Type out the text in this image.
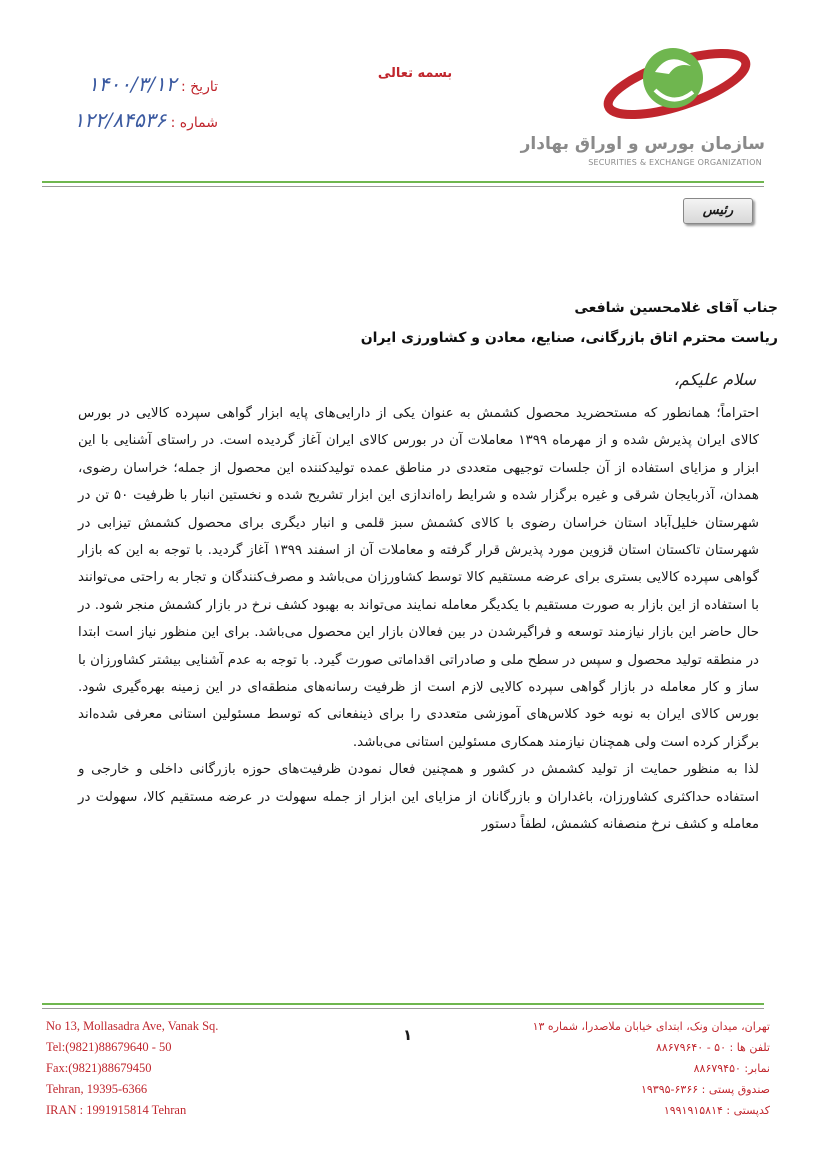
سازمان بورس و اوراق بهادار
SECURITIES & EXCHANGE ORGANIZATION
بسمه تعالی
تاریخ : ۱۴۰۰/۳/۱۲
شماره : ۱۲۲/۸۴۵۳۶
رئیس
جناب آقای غلامحسین شافعی
ریاست محترم اتاق بازرگانی، صنایع، معادن و کشاورزی ایران
سلام علیکم،

احتراماً؛ همانطور که مستحضرید محصول کشمش به عنوان یکی از دارایی‌های پایه ابزار گواهی سپرده کالایی در بورس کالای ایران پذیرش شده و از مهرماه ۱۳۹۹ معاملات آن در بورس کالای ایران آغاز گردیده است. در راستای آشنایی با این ابزار و مزایای استفاده از آن جلسات توجیهی متعددی در مناطق عمده تولیدکننده این محصول از جمله؛ خراسان رضوی، همدان، آذربایجان شرقی و غیره برگزار شده و شرایط راه‌اندازی این ابزار تشریح شده و نخستین انبار با ظرفیت ۵۰ تن در شهرستان خلیل‌آباد استان خراسان رضوی با کالای کشمش سبز قلمی و انبار دیگری برای محصول کشمش تیزابی در شهرستان تاکستان استان قزوین مورد پذیرش قرار گرفته و معاملات آن از اسفند ۱۳۹۹ آغاز گردید. با توجه به این که بازار گواهی سپرده کالایی بستری برای عرضه مستقیم کالا توسط کشاورزان می‌باشد و مصرف‌کنندگان و تجار به راحتی می‌توانند با استفاده از این بازار به صورت مستقیم با یکدیگر معامله نمایند می‌تواند به بهبود کشف نرخ در بازار کشمش منجر شود. در حال حاضر این بازار نیازمند توسعه و فراگیرشدن در بین فعالان بازار این محصول می‌باشد. برای این منظور نیاز است ابتدا در منطقه تولید محصول و سپس در سطح ملی و صادراتی اقداماتی صورت گیرد. با توجه به عدم آشنایی بیشتر کشاورزان با ساز و کار معامله در بازار گواهی سپرده کالایی لازم است از ظرفیت رسانه‌های منطقه‌ای در این زمینه بهره‌گیری شود. بورس کالای ایران به نوبه خود کلاس‌های آموزشی متعددی را برای ذینفعانی که توسط مسئولین استانی معرفی شده‌اند برگزار کرده است ولی همچنان نیازمند همکاری مسئولین استانی می‌باشد.

لذا به منظور حمایت از تولید کشمش در کشور و همچنین فعال نمودن ظرفیت‌های حوزه بازرگانی داخلی و خارجی و استفاده حداکثری کشاورزان، باغداران و بازرگانان از مزایای این ابزار از جمله سهولت در عرضه مستقیم کالا، سهولت در معامله و کشف نرخ منصفانه کشمش، لطفاً دستور

No 13, Mollasadra Ave, Vanak Sq.
Tel:(9821)88679640 - 50
Fax:(9821)88679450
Tehran, 19395-6366
IRAN : 1991915814 Tehran
۱	تهران، میدان ونک، ابتدای خیابان ملاصدرا، شماره ۱۳
تلفن ها : ۵۰ - ۸۸۶۷۹۶۴۰
نمابر: ۸۸۶۷۹۴۵۰
صندوق پستی : ۶۳۶۶-۱۹۳۹۵
کدپستی : ۱۹۹۱۹۱۵۸۱۴
